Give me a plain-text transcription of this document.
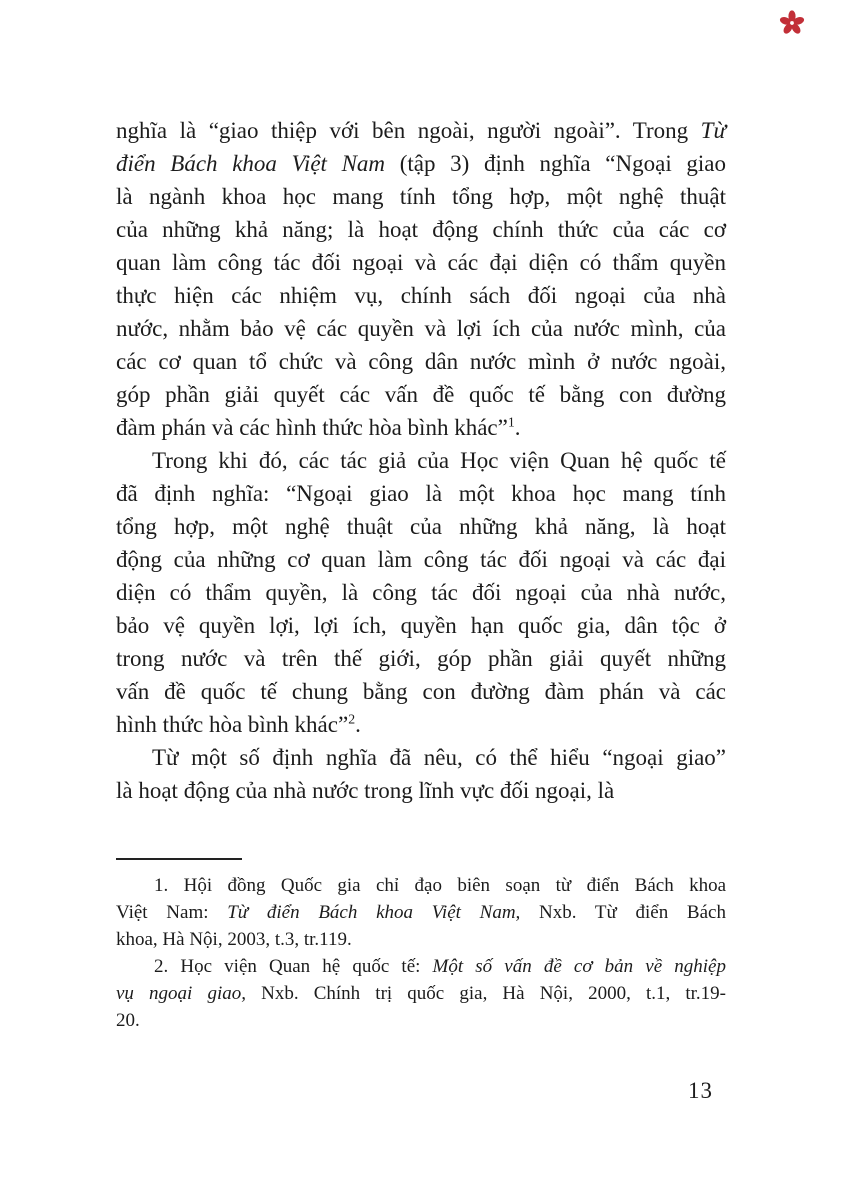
nghĩa là “giao thiệp với bên ngoài, người ngoài”. Trong Từ
điển Bách khoa Việt Nam (tập 3) định nghĩa “Ngoại giao
là ngành khoa học mang tính tổng hợp, một nghệ thuật
của những khả năng; là hoạt động chính thức của các cơ
quan làm công tác đối ngoại và các đại diện có thẩm quyền
thực hiện các nhiệm vụ, chính sách đối ngoại của nhà
nước, nhằm bảo vệ các quyền và lợi ích của nước mình, của
các cơ quan tổ chức và công dân nước mình ở nước ngoài,
góp phần giải quyết các vấn đề quốc tế bằng con đường
đàm phán và các hình thức hòa bình khác”$^1$.
Trong khi đó, các tác giả của Học viện Quan hệ quốc tế
đã định nghĩa: “Ngoại giao là một khoa học mang tính
tổng hợp, một nghệ thuật của những khả năng, là hoạt
động của những cơ quan làm công tác đối ngoại và các đại
diện có thẩm quyền, là công tác đối ngoại của nhà nước,
bảo vệ quyền lợi, lợi ích, quyền hạn quốc gia, dân tộc ở
trong nước và trên thế giới, góp phần giải quyết những
vấn đề quốc tế chung bằng con đường đàm phán và các
hình thức hòa bình khác”$^2$.
Từ một số định nghĩa đã nêu, có thể hiểu “ngoại giao”
là hoạt động của nhà nước trong lĩnh vực đối ngoại, là
1. Hội đồng Quốc gia chỉ đạo biên soạn từ điển Bách khoa
Việt Nam: Từ điển Bách khoa Việt Nam, Nxb. Từ điển Bách
khoa, Hà Nội, 2003, t.3, tr.119.
2. Học viện Quan hệ quốc tế: Một số vấn đề cơ bản về nghiệp
vụ ngoại giao, Nxb. Chính trị quốc gia, Hà Nội, 2000, t.1, tr.19-
20.
13
